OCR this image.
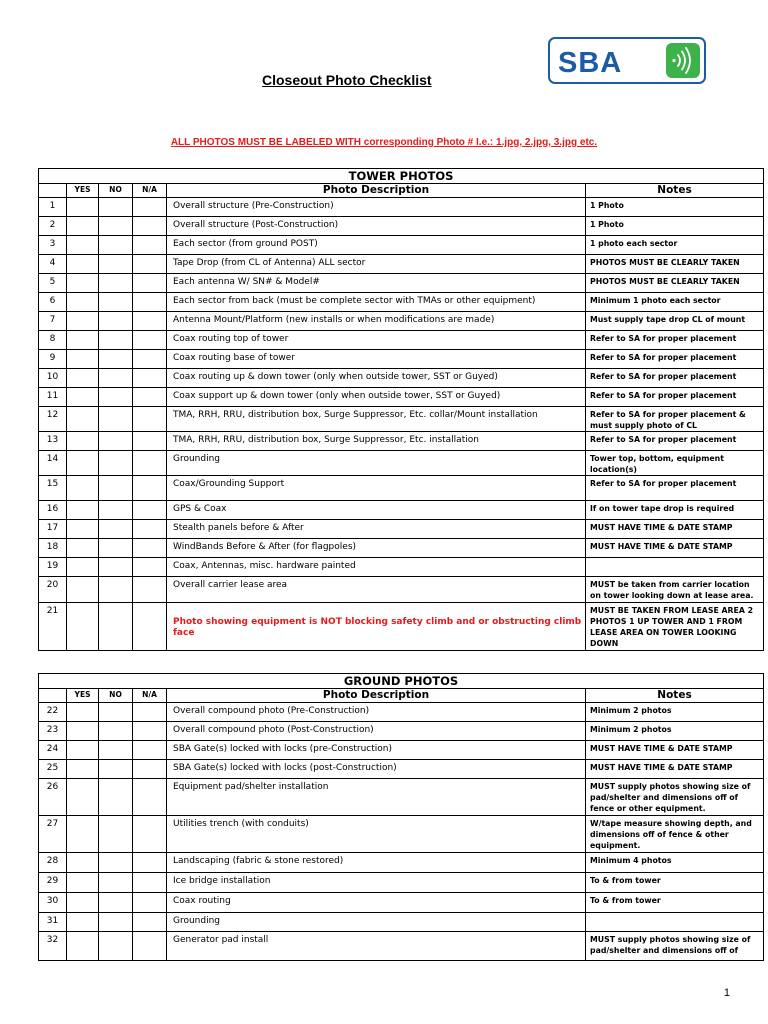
Closeout Photo Checklist
SBA
ALL PHOTOS MUST BE LABELED WITH corresponding Photo # I.e.: 1.jpg, 2.jpg, 3.jpg etc.
TOWER PHOTOS					
	YES	NO	N/A	Photo Description	Notes
1				Overall structure (Pre-Construction)	1 Photo
2				Overall structure (Post-Construction)	1 Photo
3				Each sector (from ground POST)	1 photo each sector
4				Tape Drop (from CL of Antenna) ALL sector	PHOTOS MUST BE CLEARLY TAKEN
5				Each antenna W/ SN# & Model#	PHOTOS MUST BE CLEARLY TAKEN
6				Each sector from back (must be complete sector with TMAs or other equipment)	Minimum 1 photo each sector
7				Antenna Mount/Platform (new installs or when modifications are made)	Must supply tape drop CL of mount
8				Coax routing top of tower	Refer to SA for proper placement
9				Coax routing base of tower	Refer to SA for proper placement
10				Coax routing up & down tower (only when outside tower, SST or Guyed)	Refer to SA for proper placement
11				Coax support up & down tower (only when outside tower, SST or Guyed)	Refer to SA for proper placement
12				TMA, RRH, RRU, distribution box, Surge Suppressor, Etc. collar/Mount installation	Refer to SA for proper placement & must supply photo of CL
13				TMA, RRH, RRU, distribution box, Surge Suppressor, Etc. installation	Refer to SA for proper placement
14				Grounding	Tower top, bottom, equipment location(s)
15				Coax/Grounding Support	Refer to SA for proper placement
16				GPS & Coax	If on tower tape drop is required
17				Stealth panels before & After	MUST HAVE TIME & DATE STAMP
18				WindBands Before & After (for flagpoles)	MUST HAVE TIME & DATE STAMP
19				Coax, Antennas, misc. hardware painted	
20				Overall carrier lease area	MUST be taken from carrier location on tower looking down at lease area.
21				Photo showing equipment is NOT blocking safety climb and or obstructing climb face	MUST BE TAKEN FROM LEASE AREA 2 PHOTOS 1 UP TOWER AND 1 FROM LEASE AREA ON TOWER LOOKING DOWN
GROUND PHOTOS					
	YES	NO	N/A	Photo Description	Notes
22				Overall compound photo (Pre-Construction)	Minimum 2 photos
23				Overall compound photo (Post-Construction)	Minimum 2 photos
24				SBA Gate(s) locked with locks (pre-Construction)	MUST HAVE TIME & DATE STAMP
25				SBA Gate(s) locked with locks (post-Construction)	MUST HAVE TIME & DATE STAMP
26				Equipment pad/shelter installation	MUST supply photos showing size of pad/shelter and dimensions off of fence or other equipment.
27				Utilities trench (with conduits)	W/tape measure showing depth, and dimensions off of fence & other equipment.
28				Landscaping (fabric & stone restored)	Minimum 4 photos
29				Ice bridge installation	To & from tower
30				Coax routing	To & from tower
31				Grounding	
32				Generator pad install	MUST supply photos showing size of pad/shelter and dimensions off of
1
